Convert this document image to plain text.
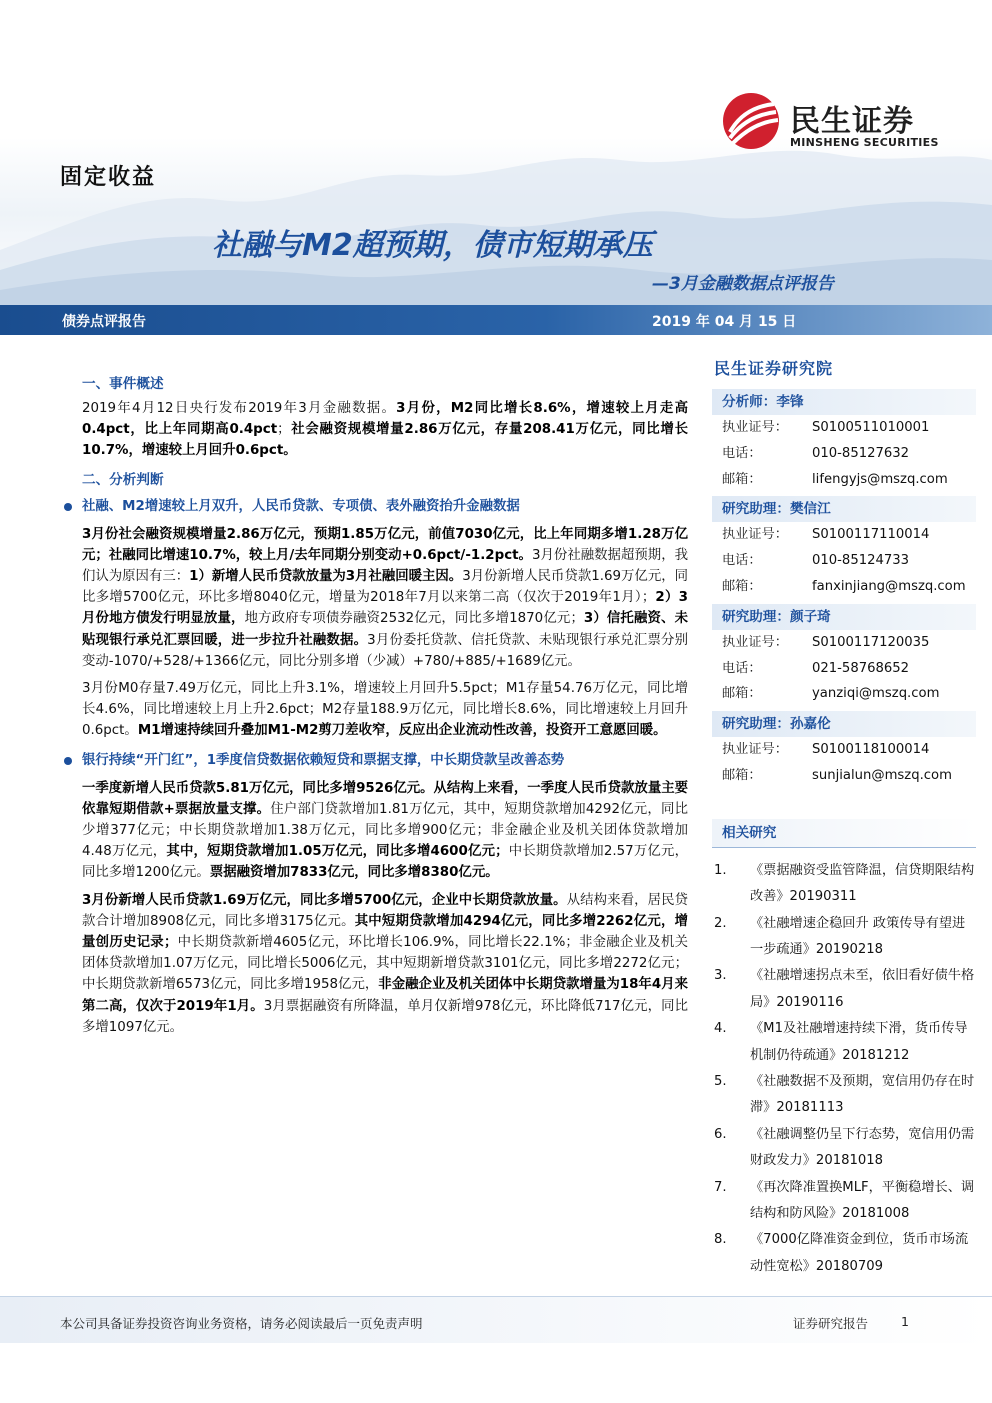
民生证券
MINSHENG SECURITIES
固定收益
社融与M2超预期，债市短期承压
—3月金融数据点评报告
债券点评报告	2019 年 04 月 15 日
一、事件概述

2019年4月12日央行发布2019年3月金融数据。3月份，M2同比增长8.6%，增速较上月走高0.4pct，比上年同期高0.4pct；社会融资规模增量2.86万亿元，存量208.41万亿元，同比增长10.7%，增速较上月回升0.6pct。

二、分析判断
社融、M2增速较上月双升，人民币贷款、专项债、表外融资抬升金融数据

3月份社会融资规模增量2.86万亿元，预期1.85万亿元，前值7030亿元，比上年同期多增1.28万亿元；社融同比增速10.7%，较上月/去年同期分别变动+0.6pct/-1.2pct。3月份社融数据超预期，我们认为原因有三：1）新增人民币贷款放量为3月社融回暖主因。3月份新增人民币贷款1.69万亿元，同比多增5700亿元，环比多增8040亿元，增量为2018年7月以来第二高（仅次于2019年1月）；2）3月份地方债发行明显放量，地方政府专项债券融资2532亿元，同比多增1870亿元；3）信托融资、未贴现银行承兑汇票回暖，进一步拉升社融数据。3月份委托贷款、信托贷款、未贴现银行承兑汇票分别变动-1070/+528/+1366亿元，同比分别多增（少减）+780/+885/+1689亿元。

3月份M0存量7.49万亿元，同比上升3.1%，增速较上月回升5.5pct；M1存量54.76万亿元，同比增长4.6%，同比增速较上月上升2.6pct；M2存量188.9万亿元，同比增长8.6%，同比增速较上月回升0.6pct。M1增速持续回升叠加M1-M2剪刀差收窄，反应出企业流动性改善，投资开工意愿回暖。

银行持续“开门红”，1季度信贷数据依赖短贷和票据支撑，中长期贷款呈改善态势

一季度新增人民币贷款5.81万亿元，同比多增9526亿元。从结构上来看，一季度人民币贷款放量主要依靠短期借款+票据放量支撑。住户部门贷款增加1.81万亿元，其中，短期贷款增加4292亿元，同比少增377亿元；中长期贷款增加1.38万亿元，同比多增900亿元；非金融企业及机关团体贷款增加4.48万亿元，其中，短期贷款增加1.05万亿元，同比多增4600亿元；中长期贷款增加2.57万亿元，同比多增1200亿元。票据融资增加7833亿元，同比多增8380亿元。

3月份新增人民币贷款1.69万亿元，同比多增5700亿元，企业中长期贷款放量。从结构来看，居民贷款合计增加8908亿元，同比多增3175亿元。其中短期贷款增加4294亿元，同比多增2262亿元，增量创历史记录；中长期贷款新增4605亿元，环比增长106.9%，同比增长22.1%；非金融企业及机关团体贷款增加1.07万亿元，同比增长5006亿元，其中短期新增贷款3101亿元，同比多增2272亿元；中长期贷款新增6573亿元，同比多增1958亿元，非金融企业及机关团体中长期贷款增量为18年4月来第二高，仅次于2019年1月。3月票据融资有所降温，单月仅新增978亿元，环比降低717亿元，同比多增1097亿元。

民生证券研究院
分析师：李锋
执业证号：	S0100511010001
电话：	010-85127632
邮箱：	lifengyjs@mszq.com
研究助理：樊信江
执业证号：	S0100117110014
电话：	010-85124733
邮箱：	fanxinjiang@mszq.com
研究助理：颜子琦
执业证号：	S0100117120035
电话：	021-58768652
邮箱：	yanziqi@mszq.com
研究助理：孙嘉伦
执业证号：	S0100118100014
邮箱：	sunjialun@mszq.com
相关研究
1.	《票据融资受监管降温，信贷期限结构改善》20190311
2.	《社融增速企稳回升 政策传导有望进一步疏通》20190218
3.	《社融增速拐点未至，依旧看好债牛格局》20190116
4.	《M1及社融增速持续下滑，货币传导机制仍待疏通》20181212
5.	《社融数据不及预期，宽信用仍存在时滞》20181113
6.	《社融调整仍呈下行态势，宽信用仍需财政发力》20181018
7.	《再次降准置换MLF，平衡稳增长、调结构和防风险》20181008
8.	《7000亿降准资金到位，货币市场流动性宽松》20180709
本公司具备证券投资咨询业务资格，请务必阅读最后一页免责声明	证券研究报告	1
